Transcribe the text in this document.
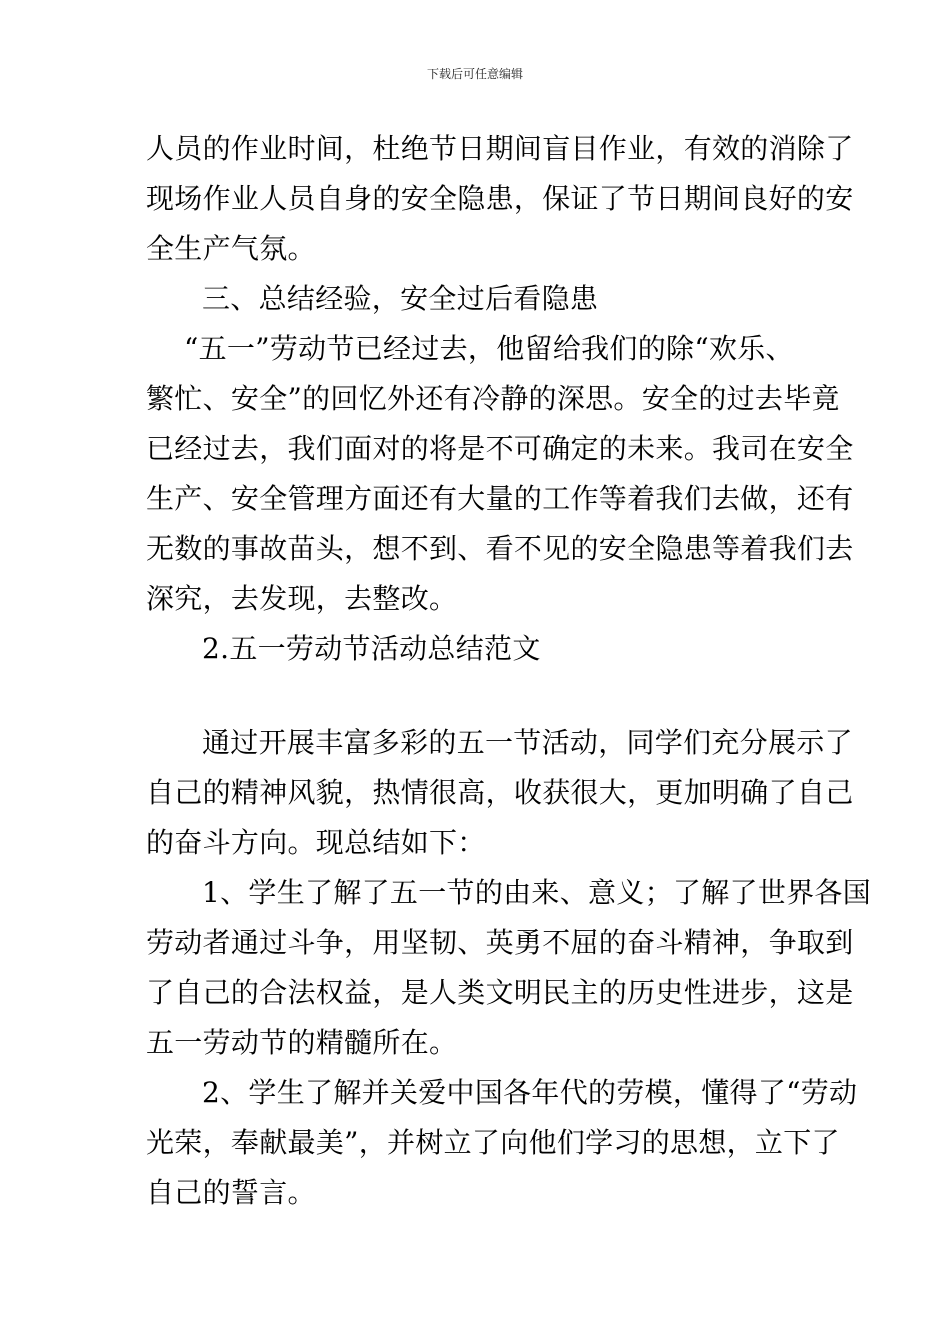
下载后可任意编辑
人员的作业时间，杜绝节日期间盲目作业，有效的消除了
现场作业人员自身的安全隐患，保证了节日期间良好的安
全生产气氛。
三、总结经验，安全过后看隐患
“五一”劳动节已经过去，他留给我们的除“欢乐、
繁忙、安全”的回忆外还有冷静的深思。安全的过去毕竟
已经过去，我们面对的将是不可确定的未来。我司在安全
生产、安全管理方面还有大量的工作等着我们去做，还有
无数的事故苗头，想不到、看不见的安全隐患等着我们去
深究，去发现，去整改。
2.五一劳动节活动总结范文
通过开展丰富多彩的五一节活动，同学们充分展示了
自己的精神风貌，热情很高，收获很大，更加明确了自己
的奋斗方向。现总结如下：
1、学生了解了五一节的由来、意义；了解了世界各国
劳动者通过斗争，用坚韧、英勇不屈的奋斗精神，争取到
了自己的合法权益，是人类文明民主的历史性进步，这是
五一劳动节的精髓所在。
2、学生了解并关爱中国各年代的劳模，懂得了“劳动
光荣，奉献最美”，并树立了向他们学习的思想，立下了
自己的誓言。
